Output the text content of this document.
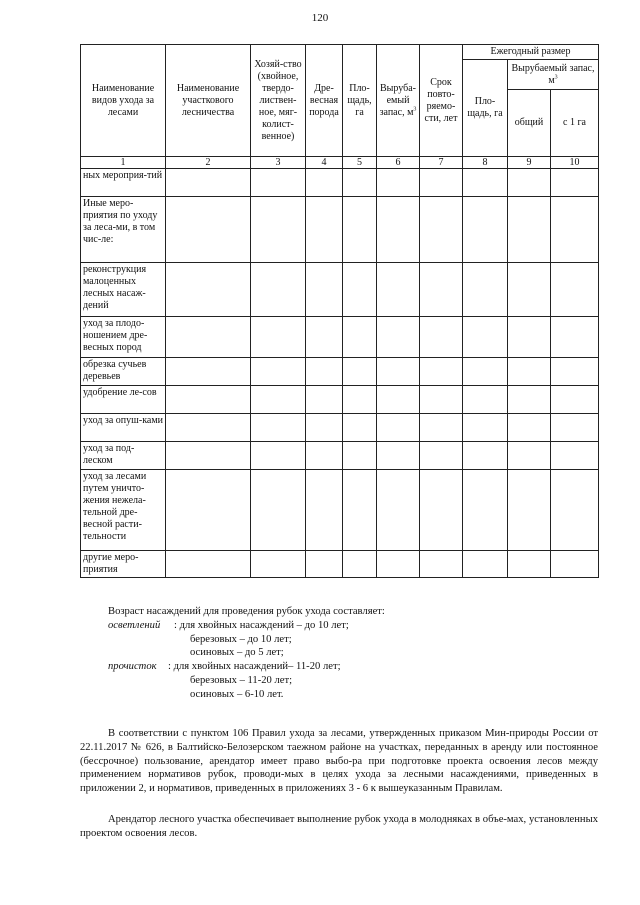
120
Наименование видов ухода за лесами	Наименование участкового лесничества	Хозяй-ство (хвойное, твердо-листвен-ное, мяг-колист-венное)	Дре-весная порода	Пло-щадь, га	Выруба-емый запас, $м^3$	Срок повто-ряемо-сти, лет	Ежегодный размер		
							Пло-щадь, га	Вырубаемый запас, $м^3$
								общий	с 1 га
1	2	3	4	5	6	7	8	9	10
ных мероприя-тий									
Иные меро-приятия по уходу за леса-ми, в том чис-ле:									
реконструкция малоценных лесных насаж-дений									
уход за плодо-ношением дре-весных пород									
обрезка сучьев деревьев									
удобрение ле-сов									
уход за опуш-ками									
уход за под-леском									
уход за лесами путем уничто-жения нежела-тельной дре-весной расти-тельности									
другие меро-приятия									
Возраст насаждений для проведения рубок ухода составляет:
осветлений : для хвойных насаждений – до 10 лет;
березовых – до 10 лет;
осиновых – до 5 лет;
прочисток : для хвойных насаждений– 11-20 лет;
березовых – 11-20 лет;
осиновых – 6-10 лет.

В соответствии с пунктом 106 Правил ухода за лесами, утвержденных приказом Мин-природы России от 22.11.2017 № 626, в Балтийско-Белозерском таежном районе на участках, переданных в аренду или постоянное (бессрочное) пользование, арендатор имеет право выбо-ра при подготовке проекта освоения лесов между применением нормативов рубок, проводи-мых в целях ухода за лесными насаждениями, приведенных в приложении 2, и нормативов, приведенных в приложениях 3 - 6 к вышеуказанным Правилам.

Арендатор лесного участка обеспечивает выполнение рубок ухода в молодняках в объе-мах, установленных проектом освоения лесов.
